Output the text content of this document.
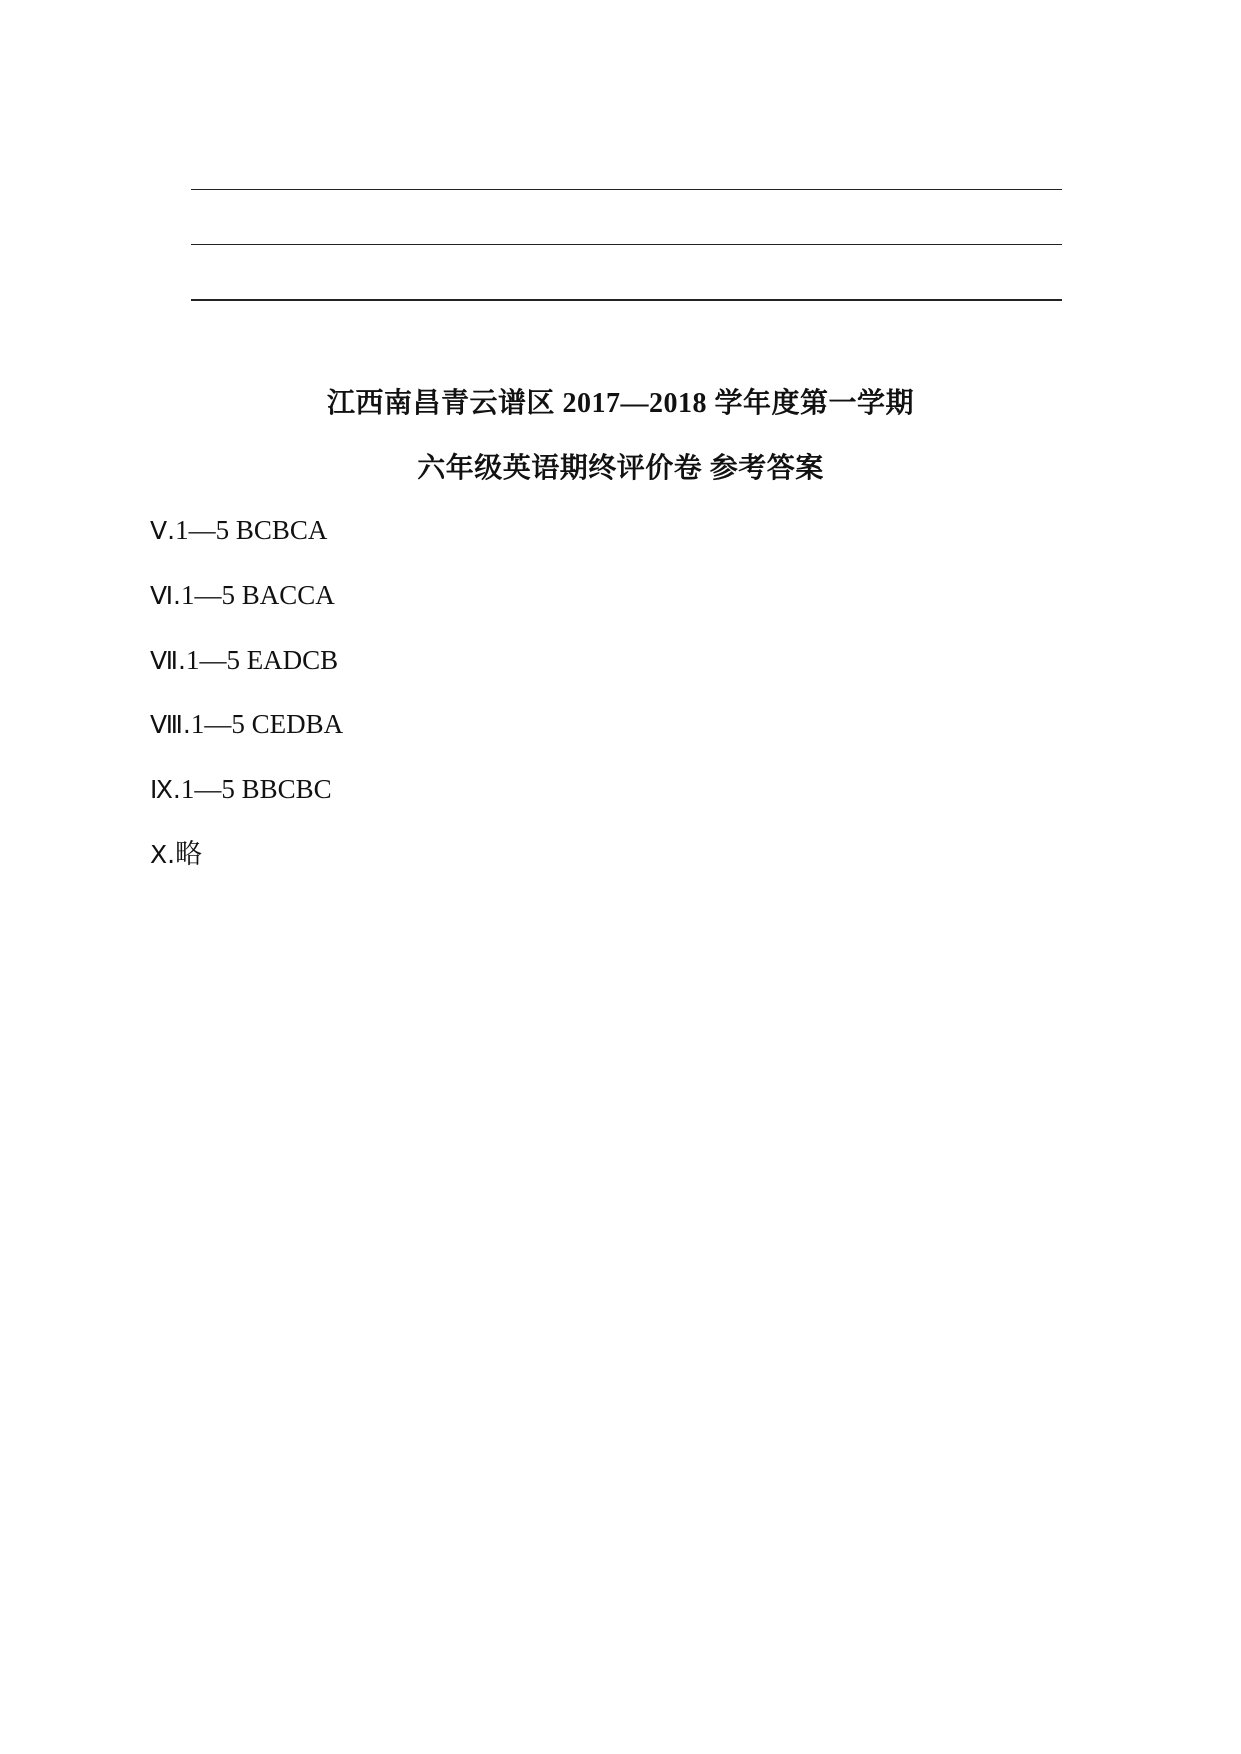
江西南昌青云谱区 2017—2018 学年度第一学期
六年级英语期终评价卷 参考答案
Ⅴ.1—5 BCBCA
Ⅵ.1—5 BACCA
Ⅶ.1—5 EADCB
Ⅷ.1—5 CEDBA
Ⅸ.1—5 BBCBC
Ⅹ.略
